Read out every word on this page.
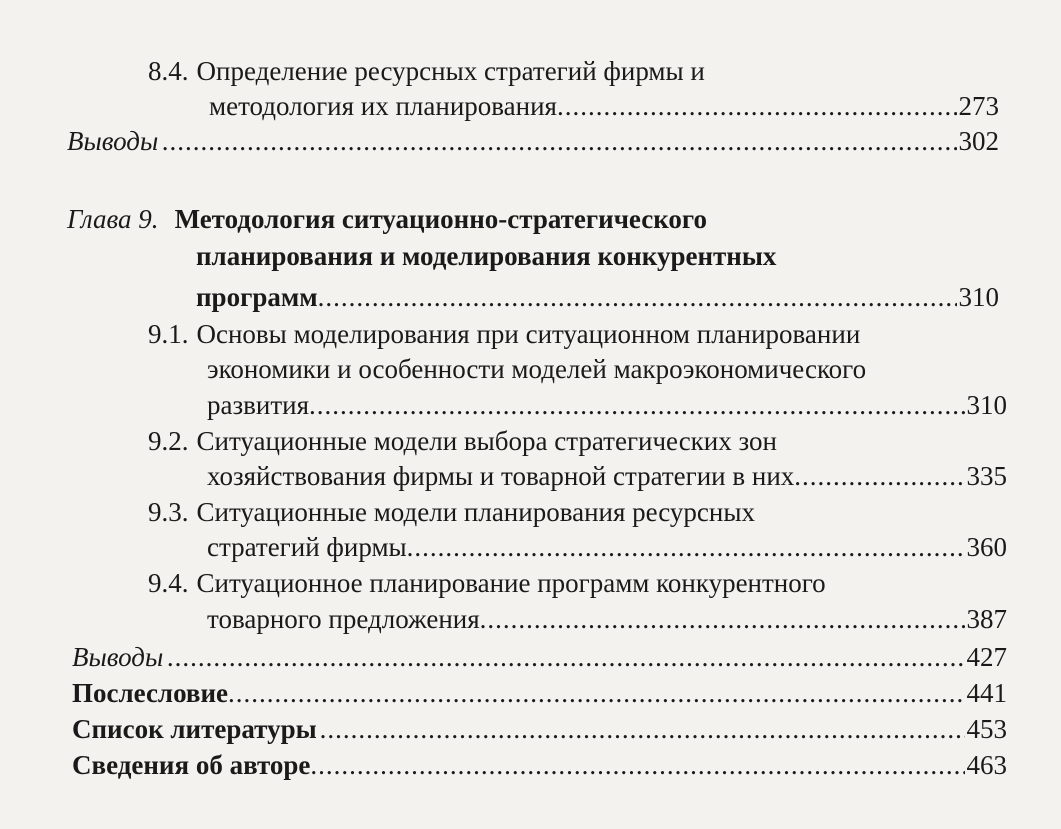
8.4. Определение ресурсных стратегий фирмы и
методология их планирования .....	273
Выводы .....	302
Глава 9. Методология ситуационно-стратегического
планирования и моделирования конкурентных
программ .....	310
9.1. Основы моделирования при ситуационном планировании
экономики и особенности моделей макроэкономического
развития .....	310
9.2. Ситуационные модели выбора стратегических зон
хозяйствования фирмы и товарной стратегии в них .....	335
9.3. Ситуационные модели планирования ресурсных
стратегий фирмы .....	360
9.4. Ситуационное планирование программ конкурентного
товарного предложения .....	387
Выводы .....	427
Послесловие .....	441
Список литературы .....	453
Сведения об авторе .....	463
